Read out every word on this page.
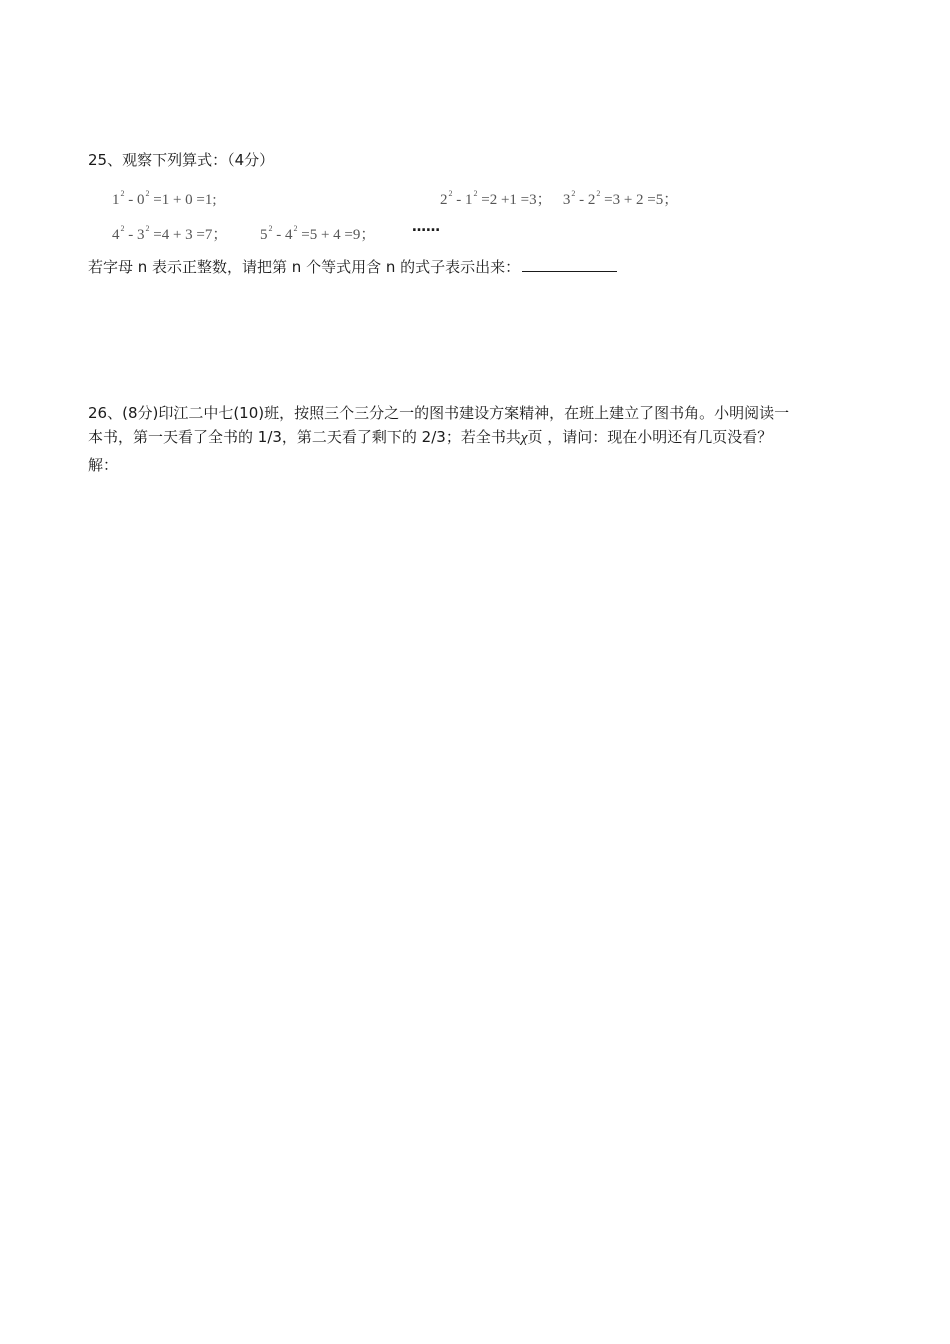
25、观察下列算式：（4分）
$1^2 - 0^2 =1 + 0 =1$;	$2^2 - 1^2 =2 +1 =3$； $3^2 - 2^2 =3 + 2 =5$；
$4^2 - 3^2 =4 + 3 =7$； $5^2 - 4^2 =5 + 4 =9$；	……
若字母 n 表示正整数，请把第 n 个等式用含 n 的式子表示出来：
26、(8分)印江二中七(10)班，按照三个三分之一的图书建设方案精神，在班上建立了图书角。小明阅读一
本书，第一天看了全书的 1/3，第二天看了剩下的 2/3；若全书共χ页 ，请问：现在小明还有几页没看？
解：
